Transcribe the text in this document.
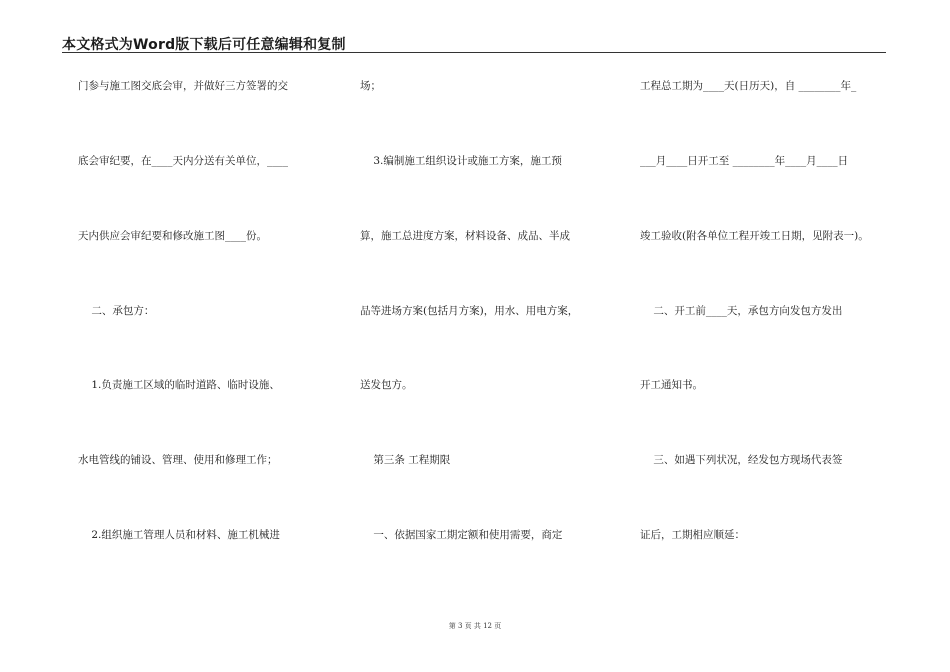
本文格式为Word版下载后可任意编辑和复制
门参与施工图交底会审，并做好三方签署的交
底会审纪要，在____天内分送有关单位，____
天内供应会审纪要和修改施工图____份。
二、承包方：
1.负责施工区域的临时道路、临时设施、
水电管线的铺设、管理、使用和修理工作；
2.组织施工管理人员和材料、施工机械进
场；
3.编制施工组织设计或施工方案，施工预
算，施工总进度方案，材料设备、成品、半成
品等进场方案(包括月方案)，用水、用电方案，
送发包方。
第三条 工程期限
一、依据国家工期定额和使用需要，商定
工程总工期为____天(日历天)，自 ________年_
___月____日开工至 ________年____月____日
竣工验收(附各单位工程开竣工日期，见附表一)。
二、开工前____天，承包方向发包方发出
开工通知书。
三、如遇下列状况，经发包方现场代表签
证后，工期相应顺延：
第 3 页 共 12 页
